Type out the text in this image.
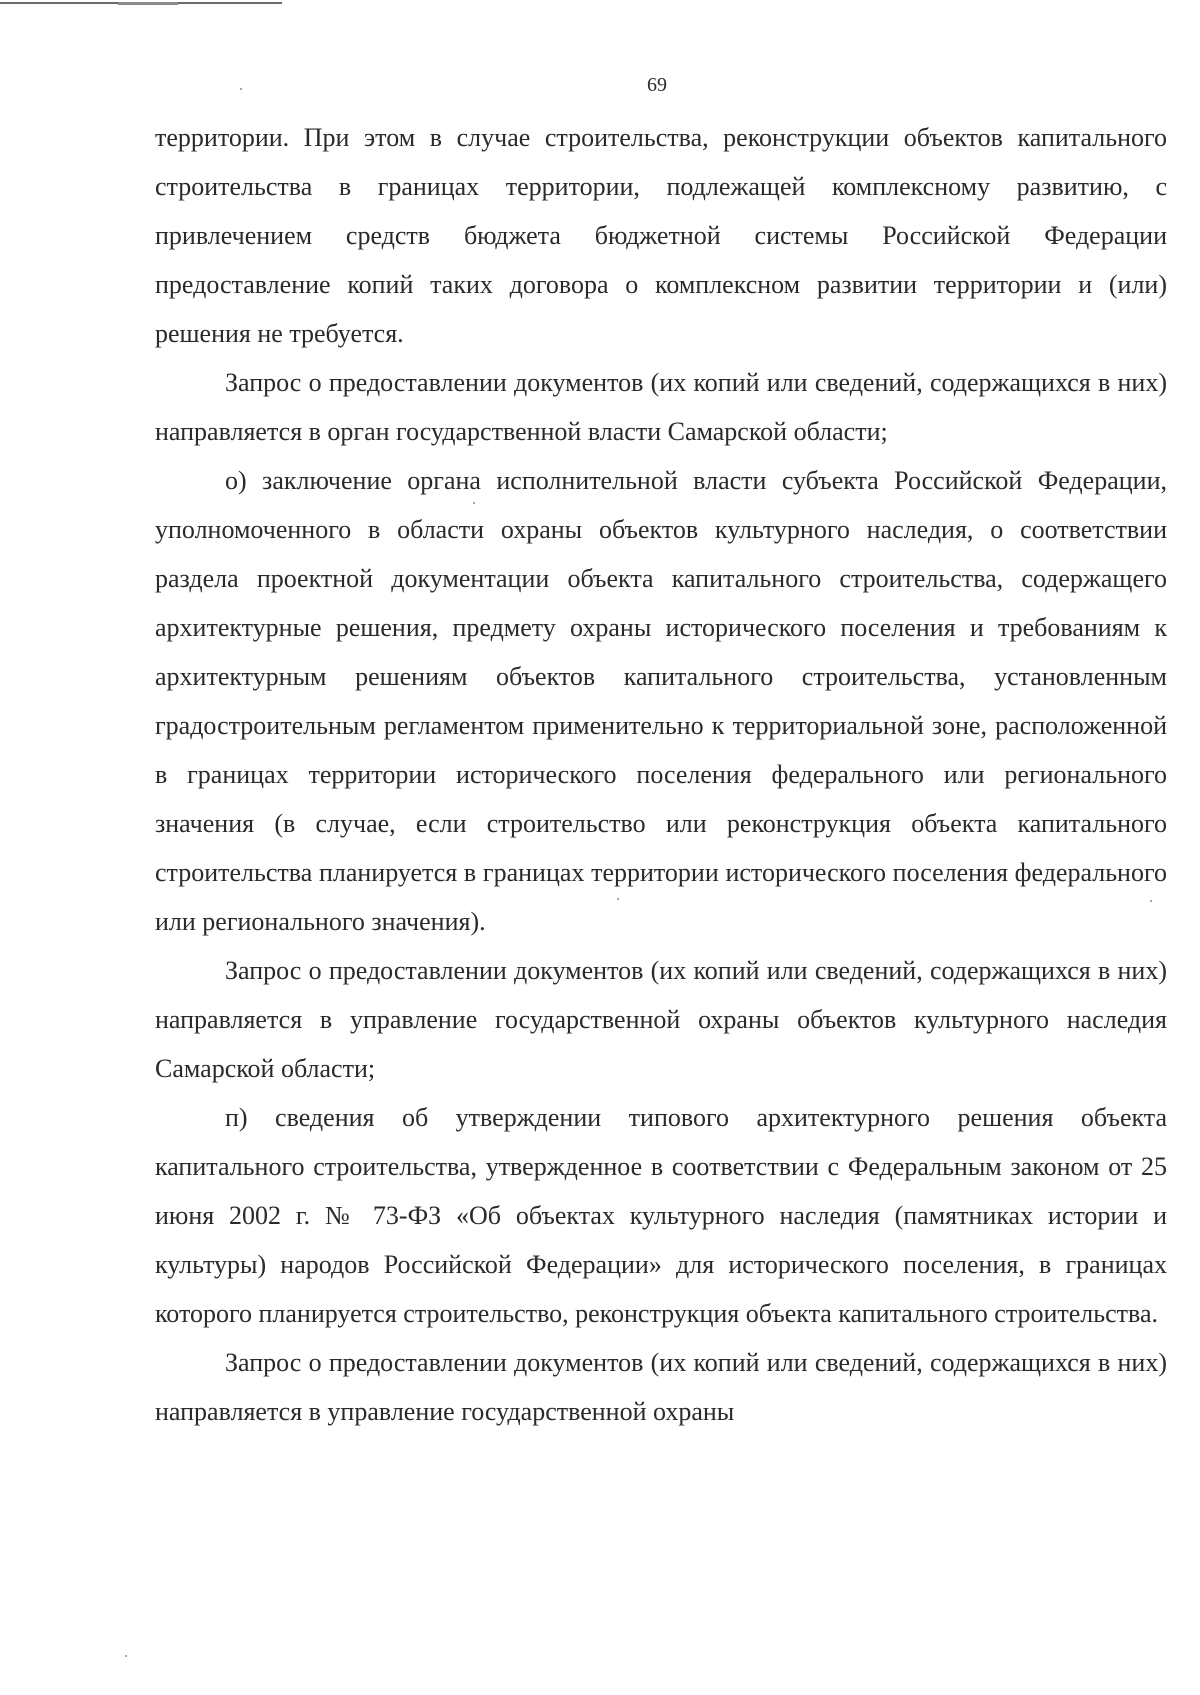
69

территории. При этом в случае строительства, реконструкции объектов капитального строительства в границах территории, подлежащей комплексному развитию, с привлечением средств бюджета бюджетной системы Российской Федерации предоставление копий таких договора о комплексном развитии территории и (или) решения не требуется.

Запрос о предоставлении документов (их копий или сведений, содержащихся в них) направляется в орган государственной власти Самарской области;

о) заключение органа исполнительной власти субъекта Российской Федерации, уполномоченного в области охраны объектов культурного наследия, о соответствии раздела проектной документации объекта капитального строительства, содержащего архитектурные решения, предмету охраны исторического поселения и требованиям к архитектурным решениям объектов капитального строительства, установленным градостроительным регламентом применительно к территориальной зоне, расположенной в границах территории исторического поселения федерального или регионального значения (в случае, если строительство или реконструкция объекта капитального строительства планируется в границах территории исторического поселения федерального или регионального значения).

Запрос о предоставлении документов (их копий или сведений, содержащихся в них) направляется в управление государственной охраны объектов культурного наследия Самарской области;

п) сведения об утверждении типового архитектурного решения объекта капитального строительства, утвержденное в соответствии с Федеральным законом от 25 июня 2002 г. № 73-ФЗ «Об объектах культурного наследия (памятниках истории и культуры) народов Российской Федерации» для исторического поселения, в границах которого планируется строительство, реконструкция объекта капитального строительства.

Запрос о предоставлении документов (их копий или сведений, содержащихся в них) направляется в управление государственной охраны
